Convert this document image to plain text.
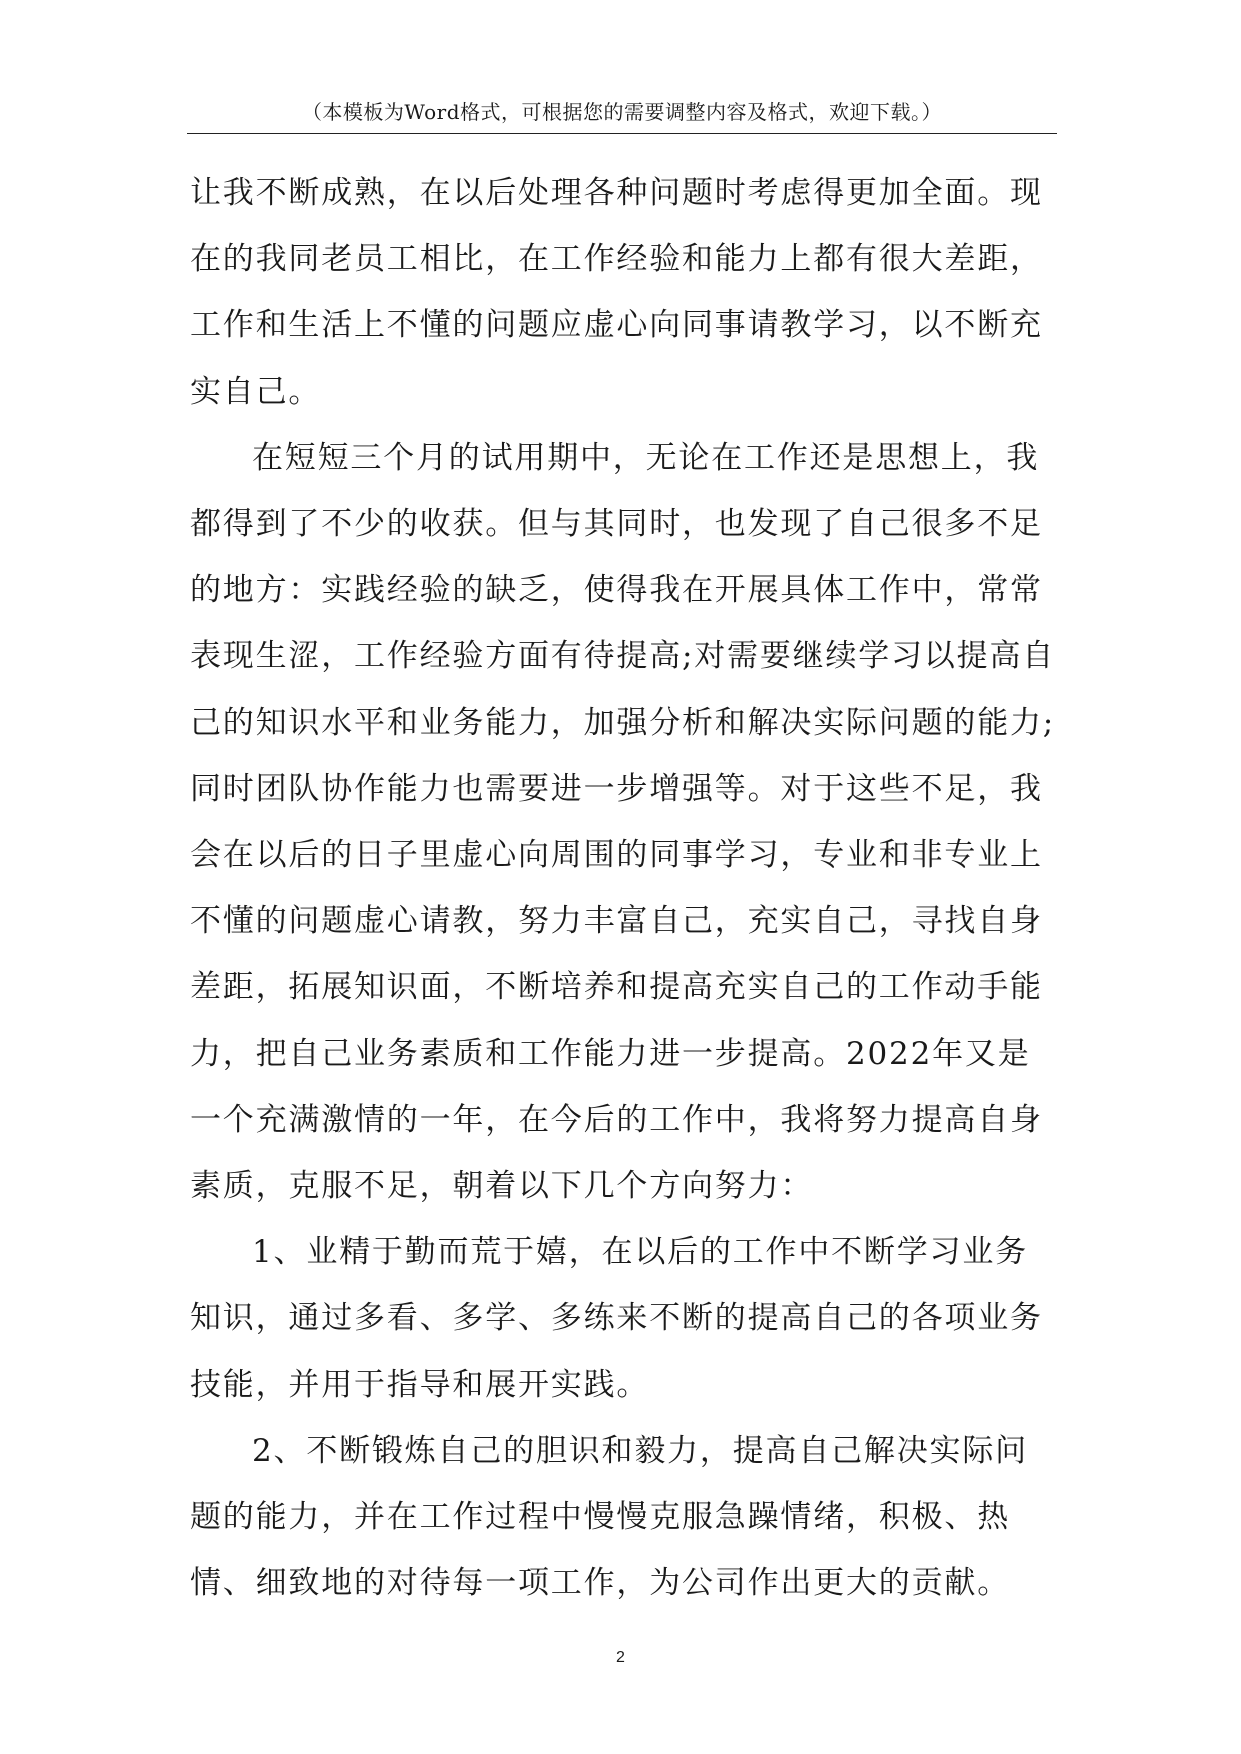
（本模板为Word格式，可根据您的需要调整内容及格式，欢迎下载。）

让我不断成熟，在以后处理各种问题时考虑得更加全面。现在的我同老员工相比，在工作经验和能力上都有很大差距，工作和生活上不懂的问题应虚心向同事请教学习，以不断充实自己。

在短短三个月的试用期中，无论在工作还是思想上，我都得到了不少的收获。但与其同时，也发现了自己很多不足的地方：实践经验的缺乏，使得我在开展具体工作中，常常表现生涩，工作经验方面有待提高;对需要继续学习以提高自己的知识水平和业务能力，加强分析和解决实际问题的能力;同时团队协作能力也需要进一步增强等。对于这些不足，我会在以后的日子里虚心向周围的同事学习，专业和非专业上不懂的问题虚心请教，努力丰富自己，充实自己，寻找自身差距，拓展知识面，不断培养和提高充实自己的工作动手能力，把自己业务素质和工作能力进一步提高。2022年又是一个充满激情的一年，在今后的工作中，我将努力提高自身素质，克服不足，朝着以下几个方向努力：

1、业精于勤而荒于嬉，在以后的工作中不断学习业务知识，通过多看、多学、多练来不断的提高自己的各项业务技能，并用于指导和展开实践。

2、不断锻炼自己的胆识和毅力，提高自己解决实际问题的能力，并在工作过程中慢慢克服急躁情绪，积极、热情、细致地的对待每一项工作，为公司作出更大的贡献。

2
